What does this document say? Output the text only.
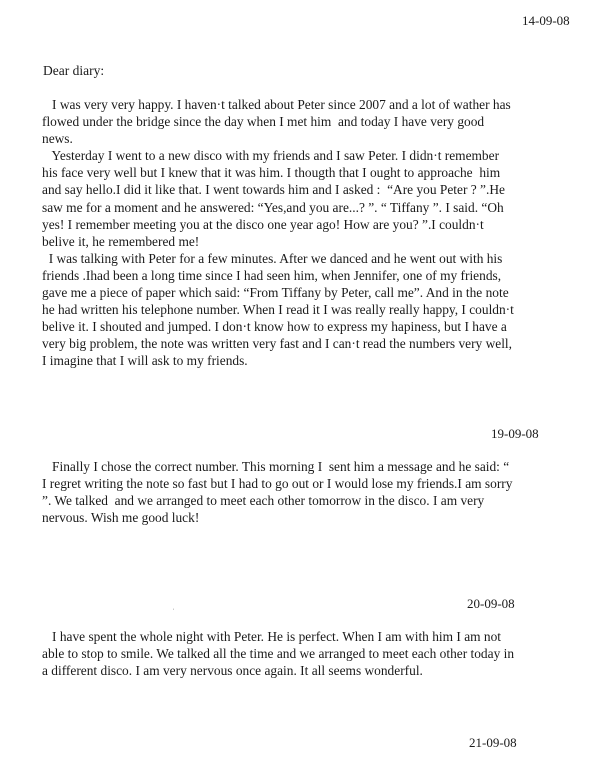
14-09-08
Dear diary:
I was very very happy. I haven·t talked about Peter since 2007 and a lot of wather has
flowed under the bridge since the day when I met him  and today I have very good
news.
Yesterday I went to a new disco with my friends and I saw Peter. I didn·t remember
his face very well but I knew that it was him. I thougth that I ought to approache  him
and say hello.I did it like that. I went towards him and I asked :  “Are you Peter ? ”.He
saw me for a moment and he answered: “Yes,and you are...? ”. “ Tiffany ”. I said. “Oh
yes! I remember meeting you at the disco one year ago! How are you? ”.I couldn·t
belive it, he remembered me!
I was talking with Peter for a few minutes. After we danced and he went out with his
friends .Ihad been a long time since I had seen him, when Jennifer, one of my friends,
gave me a piece of paper which said: “From Tiffany by Peter, call me”. And in the note
he had written his telephone number. When I read it I was really really happy, I couldn·t
belive it. I shouted and jumped. I don·t know how to express my hapiness, but I have a
very big problem, the note was written very fast and I can·t read the numbers very well,
I imagine that I will ask to my friends.
19-09-08
Finally I chose the correct number. This morning I  sent him a message and he said: “
I regret writing the note so fast but I had to go out or I would lose my friends.I am sorry
”. We talked  and we arranged to meet each other tomorrow in the disco. I am very
nervous. Wish me good luck!
20-09-08
I have spent the whole night with Peter. He is perfect. When I am with him I am not
able to stop to smile. We talked all the time and we arranged to meet each other today in
a different disco. I am very nervous once again. It all seems wonderful.
21-09-08
ˌ
